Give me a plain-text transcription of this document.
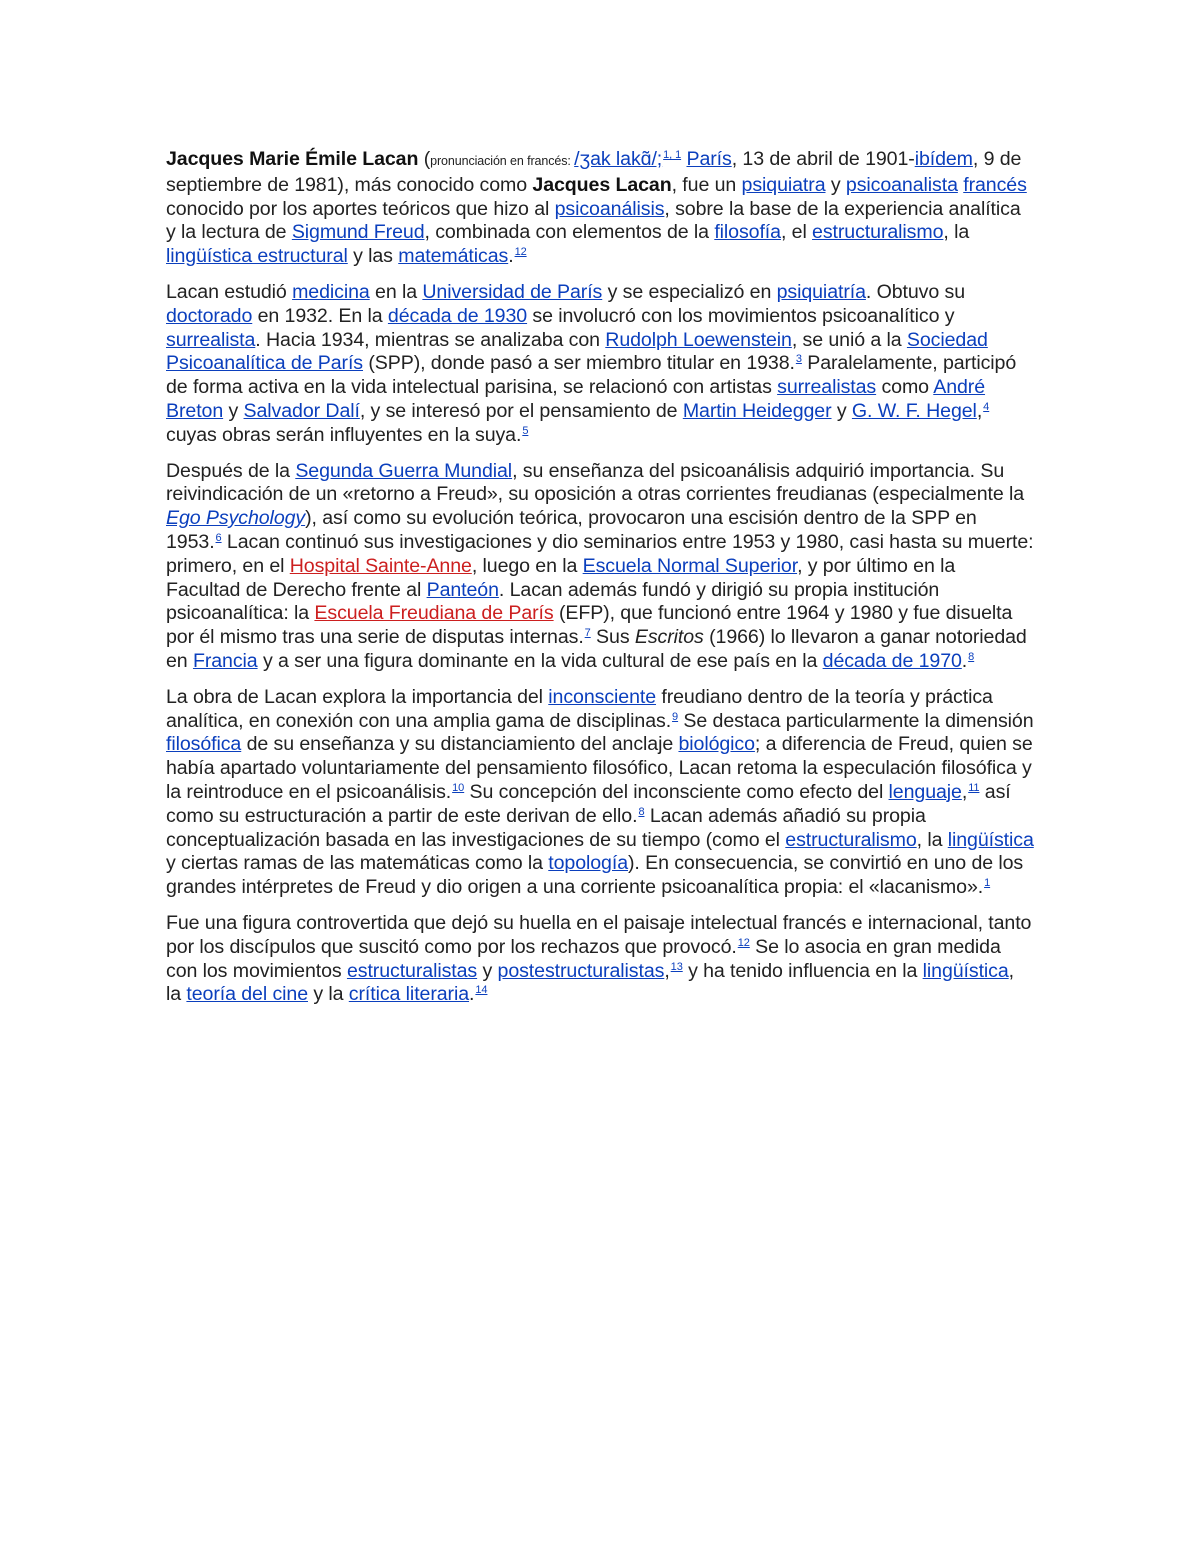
Jacques Marie Émile Lacan (pronunciación en francés: /ʒak lakɑ̃/;$^{1, 1}$ París, 13 de abril de 1901-ibídem, 9 de septiembre de 1981), más conocido como Jacques Lacan, fue un psiquiatra y psicoanalista francés conocido por los aportes teóricos que hizo al psicoanálisis, sobre la base de la experiencia analítica y la lectura de Sigmund Freud, combinada con elementos de la filosofía, el estructuralismo, la lingüística estructural y las matemáticas.$^{12}$

Lacan estudió medicina en la Universidad de París y se especializó en psiquiatría. Obtuvo su doctorado en 1932. En la década de 1930 se involucró con los movimientos psicoanalítico y surrealista. Hacia 1934, mientras se analizaba con Rudolph Loewenstein, se unió a la Sociedad Psicoanalítica de París (SPP), donde pasó a ser miembro titular en 1938.$^3$ Paralelamente, participó de forma activa en la vida intelectual parisina, se relacionó con artistas surrealistas como André Breton y Salvador Dalí, y se interesó por el pensamiento de Martin Heidegger y G. W. F. Hegel,$^4$ cuyas obras serán influyentes en la suya.$^5$

Después de la Segunda Guerra Mundial, su enseñanza del psicoanálisis adquirió importancia. Su reivindicación de un «retorno a Freud», su oposición a otras corrientes freudianas (especialmente la Ego Psychology), así como su evolución teórica, provocaron una escisión dentro de la SPP en 1953.$^6$ Lacan continuó sus investigaciones y dio seminarios entre 1953 y 1980, casi hasta su muerte: primero, en el Hospital Sainte-Anne, luego en la Escuela Normal Superior, y por último en la Facultad de Derecho frente al Panteón. Lacan además fundó y dirigió su propia institución psicoanalítica: la Escuela Freudiana de París (EFP), que funcionó entre 1964 y 1980 y fue disuelta por él mismo tras una serie de disputas internas.$^7$ Sus Escritos (1966) lo llevaron a ganar notoriedad en Francia y a ser una figura dominante en la vida cultural de ese país en la década de 1970.$^8$

La obra de Lacan explora la importancia del inconsciente freudiano dentro de la teoría y práctica analítica, en conexión con una amplia gama de disciplinas.$^9$ Se destaca particularmente la dimensión filosófica de su enseñanza y su distanciamiento del anclaje biológico; a diferencia de Freud, quien se había apartado voluntariamente del pensamiento filosófico, Lacan retoma la especulación filosófica y la reintroduce en el psicoanálisis.$^{10}$ Su concepción del inconsciente como efecto del lenguaje,$^{11}$ así como su estructuración a partir de este derivan de ello.$^8$ Lacan además añadió su propia conceptualización basada en las investigaciones de su tiempo (como el estructuralismo, la lingüística y ciertas ramas de las matemáticas como la topología). En consecuencia, se convirtió en uno de los grandes intérpretes de Freud y dio origen a una corriente psicoanalítica propia: el «lacanismo».$^1$

Fue una figura controvertida que dejó su huella en el paisaje intelectual francés e internacional, tanto por los discípulos que suscitó como por los rechazos que provocó.$^{12}$ Se lo asocia en gran medida con los movimientos estructuralistas y postestructuralistas,$^{13}$ y ha tenido influencia en la lingüística, la teoría del cine y la crítica literaria.$^{14}$
